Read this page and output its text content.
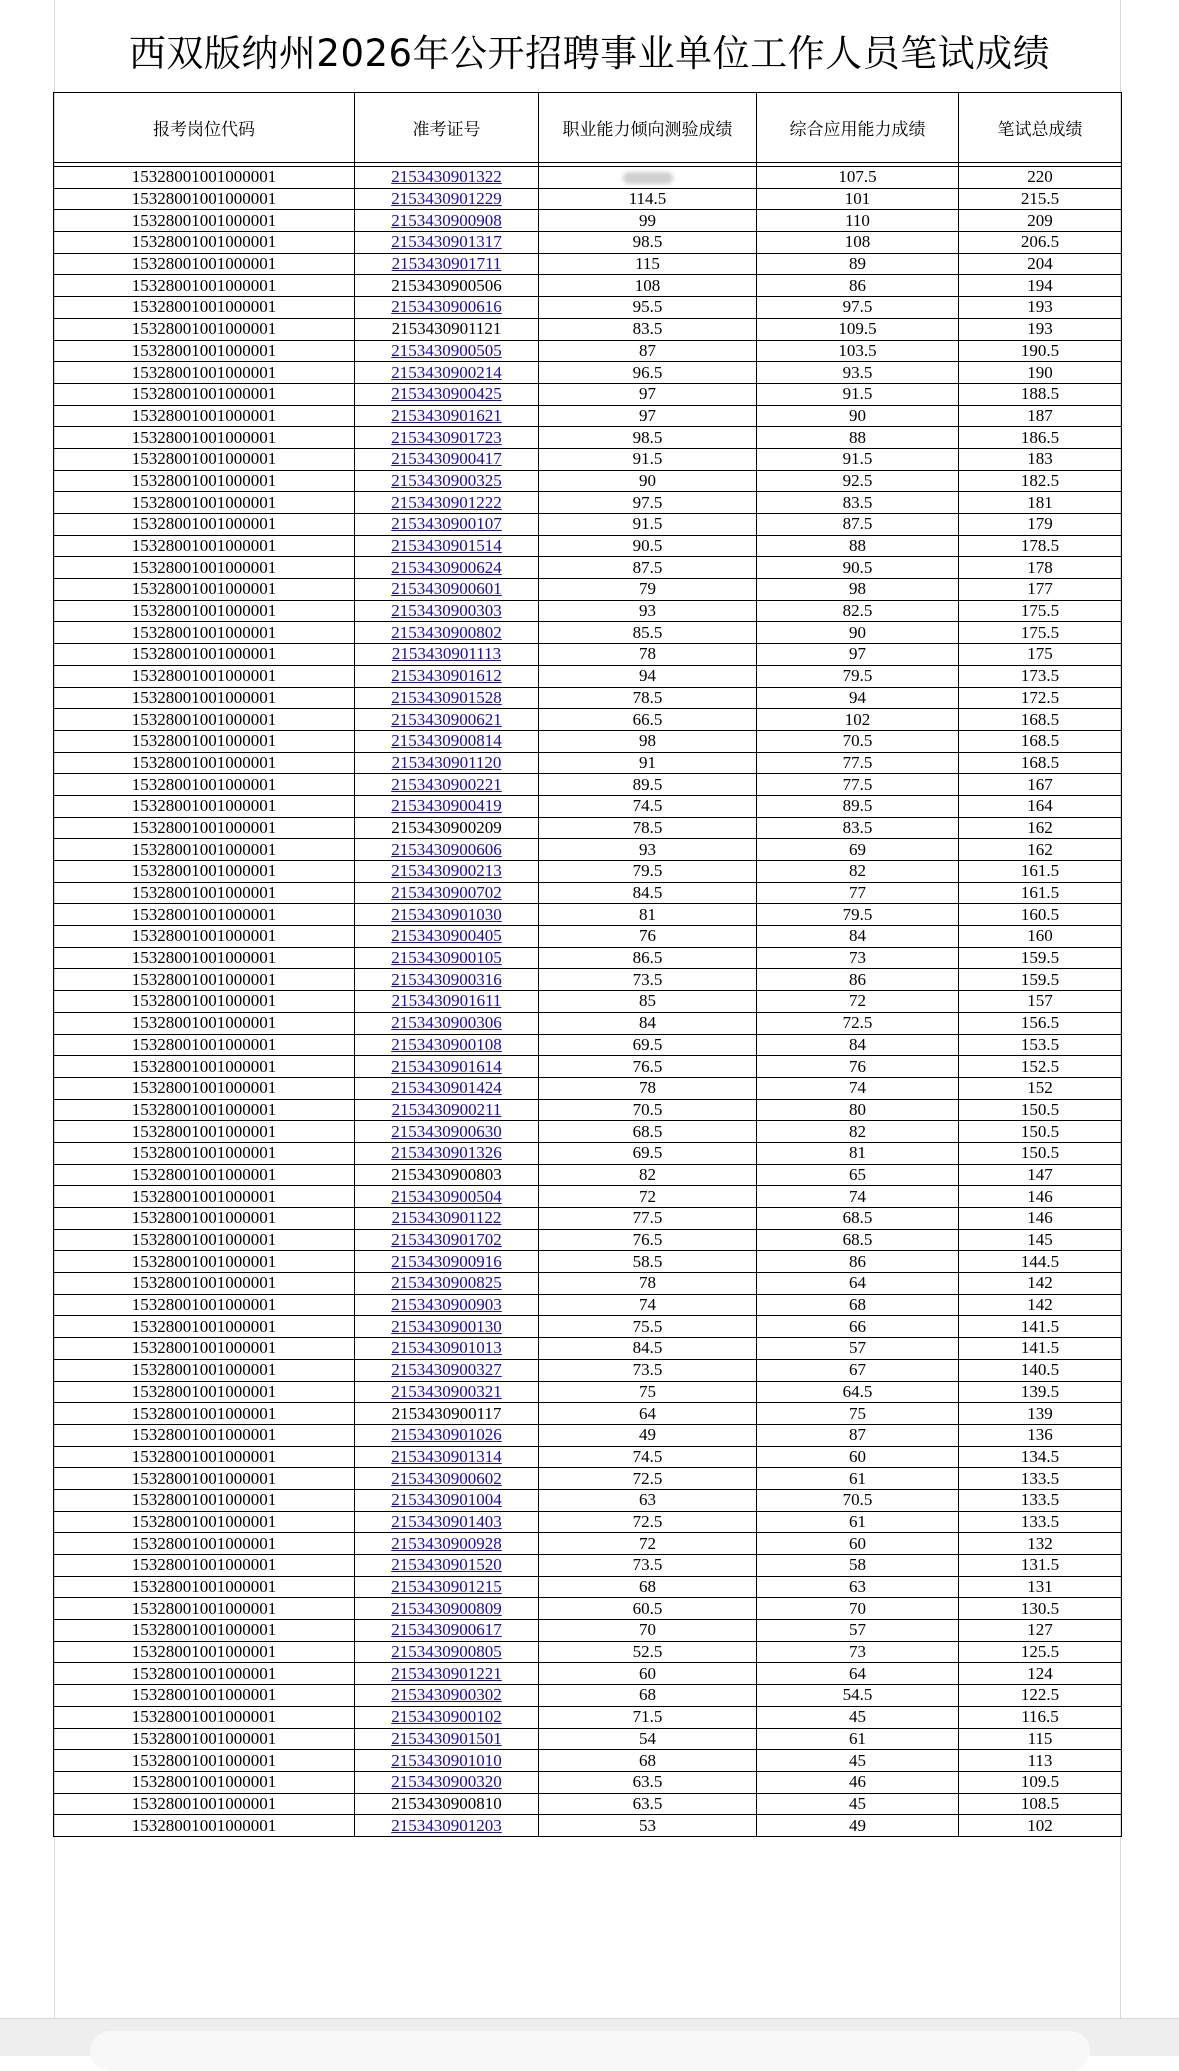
西双版纳州2026年公开招聘事业单位工作人员笔试成绩
报考岗位代码	准考证号	职业能力倾向测验成绩	综合应用能力成绩	笔试总成绩

15328001001000001	2153430901322		107.5	220
15328001001000001	2153430901229	114.5	101	215.5
15328001001000001	2153430900908	99	110	209
15328001001000001	2153430901317	98.5	108	206.5
15328001001000001	2153430901711	115	89	204
15328001001000001	2153430900506	108	86	194
15328001001000001	2153430900616	95.5	97.5	193
15328001001000001	2153430901121	83.5	109.5	193
15328001001000001	2153430900505	87	103.5	190.5
15328001001000001	2153430900214	96.5	93.5	190
15328001001000001	2153430900425	97	91.5	188.5
15328001001000001	2153430901621	97	90	187
15328001001000001	2153430901723	98.5	88	186.5
15328001001000001	2153430900417	91.5	91.5	183
15328001001000001	2153430900325	90	92.5	182.5
15328001001000001	2153430901222	97.5	83.5	181
15328001001000001	2153430900107	91.5	87.5	179
15328001001000001	2153430901514	90.5	88	178.5
15328001001000001	2153430900624	87.5	90.5	178
15328001001000001	2153430900601	79	98	177
15328001001000001	2153430900303	93	82.5	175.5
15328001001000001	2153430900802	85.5	90	175.5
15328001001000001	2153430901113	78	97	175
15328001001000001	2153430901612	94	79.5	173.5
15328001001000001	2153430901528	78.5	94	172.5
15328001001000001	2153430900621	66.5	102	168.5
15328001001000001	2153430900814	98	70.5	168.5
15328001001000001	2153430901120	91	77.5	168.5
15328001001000001	2153430900221	89.5	77.5	167
15328001001000001	2153430900419	74.5	89.5	164
15328001001000001	2153430900209	78.5	83.5	162
15328001001000001	2153430900606	93	69	162
15328001001000001	2153430900213	79.5	82	161.5
15328001001000001	2153430900702	84.5	77	161.5
15328001001000001	2153430901030	81	79.5	160.5
15328001001000001	2153430900405	76	84	160
15328001001000001	2153430900105	86.5	73	159.5
15328001001000001	2153430900316	73.5	86	159.5
15328001001000001	2153430901611	85	72	157
15328001001000001	2153430900306	84	72.5	156.5
15328001001000001	2153430900108	69.5	84	153.5
15328001001000001	2153430901614	76.5	76	152.5
15328001001000001	2153430901424	78	74	152
15328001001000001	2153430900211	70.5	80	150.5
15328001001000001	2153430900630	68.5	82	150.5
15328001001000001	2153430901326	69.5	81	150.5
15328001001000001	2153430900803	82	65	147
15328001001000001	2153430900504	72	74	146
15328001001000001	2153430901122	77.5	68.5	146
15328001001000001	2153430901702	76.5	68.5	145
15328001001000001	2153430900916	58.5	86	144.5
15328001001000001	2153430900825	78	64	142
15328001001000001	2153430900903	74	68	142
15328001001000001	2153430900130	75.5	66	141.5
15328001001000001	2153430901013	84.5	57	141.5
15328001001000001	2153430900327	73.5	67	140.5
15328001001000001	2153430900321	75	64.5	139.5
15328001001000001	2153430900117	64	75	139
15328001001000001	2153430901026	49	87	136
15328001001000001	2153430901314	74.5	60	134.5
15328001001000001	2153430900602	72.5	61	133.5
15328001001000001	2153430901004	63	70.5	133.5
15328001001000001	2153430901403	72.5	61	133.5
15328001001000001	2153430900928	72	60	132
15328001001000001	2153430901520	73.5	58	131.5
15328001001000001	2153430901215	68	63	131
15328001001000001	2153430900809	60.5	70	130.5
15328001001000001	2153430900617	70	57	127
15328001001000001	2153430900805	52.5	73	125.5
15328001001000001	2153430901221	60	64	124
15328001001000001	2153430900302	68	54.5	122.5
15328001001000001	2153430900102	71.5	45	116.5
15328001001000001	2153430901501	54	61	115
15328001001000001	2153430901010	68	45	113
15328001001000001	2153430900320	63.5	46	109.5
15328001001000001	2153430900810	63.5	45	108.5
15328001001000001	2153430901203	53	49	102
